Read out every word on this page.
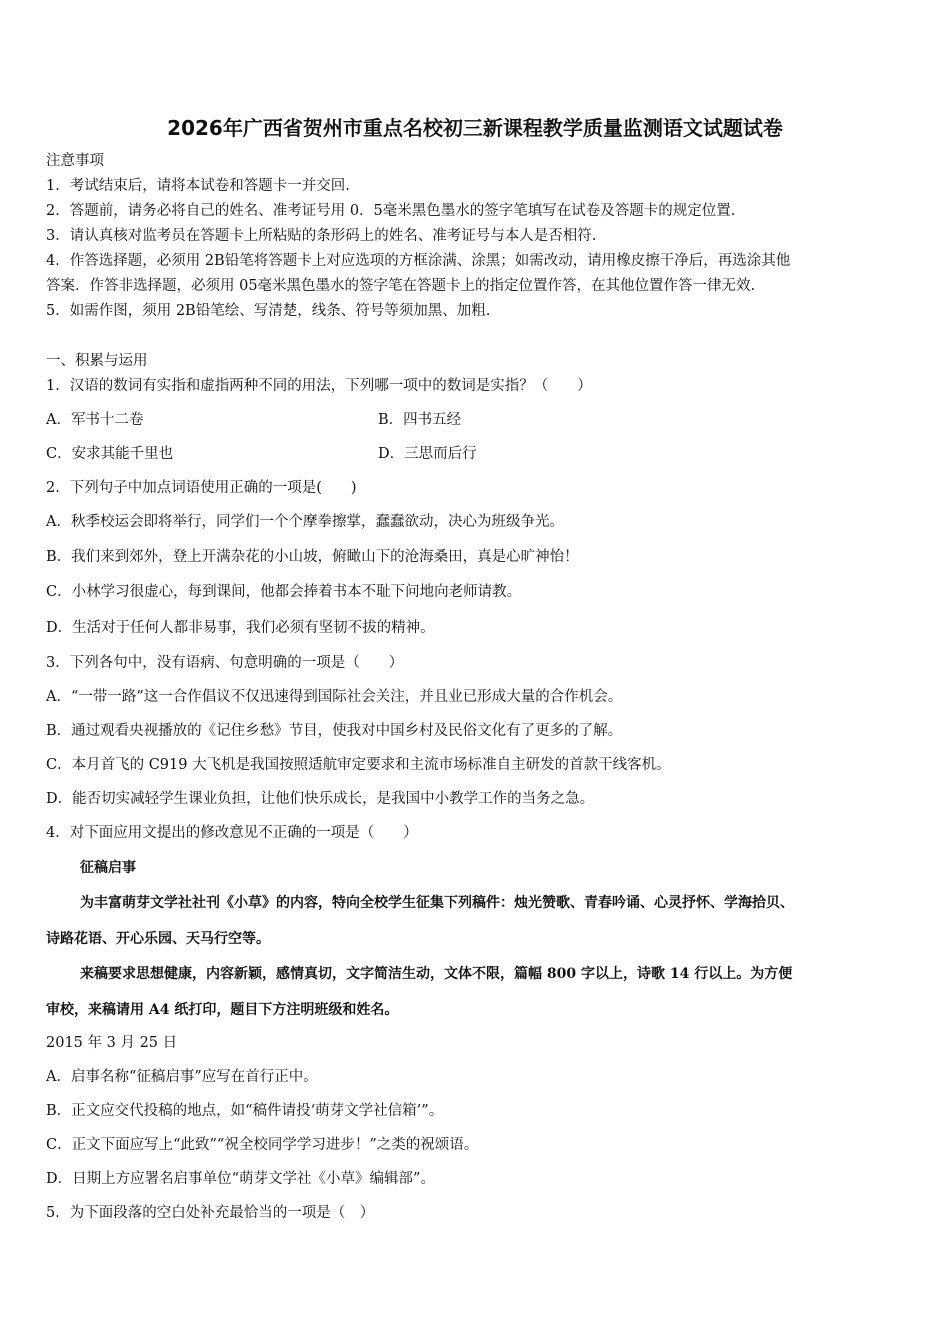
2026年广西省贺州市重点名校初三新课程教学质量监测语文试题试卷
注意事项
1．考试结束后，请将本试卷和答题卡一并交回.
2．答题前，请务必将自己的姓名、准考证号用 0．5毫米黑色墨水的签字笔填写在试卷及答题卡的规定位置.
3．请认真核对监考员在答题卡上所粘贴的条形码上的姓名、准考证号与本人是否相符.
4．作答选择题，必须用 2B铅笔将答题卡上对应选项的方框涂满、涂黑；如需改动，请用橡皮擦干净后，再选涂其他
答案．作答非选择题，必须用 05毫米黑色墨水的签字笔在答题卡上的指定位置作答，在其他位置作答一律无效.
5．如需作图，须用 2B铅笔绘、写清楚，线条、符号等须加黑、加粗.
一、积累与运用
1．汉语的数词有实指和虚指两种不同的用法，下列哪一项中的数词是实指？（　　）
A．军书十二卷	B．四书五经
C．安求其能千里也	D．三思而后行
2．下列句子中加点词语使用正确的一项是(　　)
A．秋季校运会即将举行，同学们一个个摩拳擦掌，蠢蠢欲动，决心为班级争光。
B．我们来到郊外，登上开满杂花的小山坡，俯瞰山下的沧海桑田，真是心旷神怡！
C．小林学习很虚心，每到课间，他都会捧着书本不耻下问地向老师请教。
D．生活对于任何人都非易事，我们必须有坚韧不拔的精神。
3．下列各句中，没有语病、句意明确的一项是（　　）
A．“一带一路”这一合作倡议不仅迅速得到国际社会关注，并且业已形成大量的合作机会。
B．通过观看央视播放的《记住乡愁》节目，使我对中国乡村及民俗文化有了更多的了解。
C．本月首飞的 C919 大飞机是我国按照适航审定要求和主流市场标准自主研发的首款干线客机。
D．能否切实减轻学生课业负担，让他们快乐成长，是我国中小教学工作的当务之急。
4．对下面应用文提出的修改意见不正确的一项是（　　）
征稿启事
为丰富萌芽文学社社刊《小草》的内容，特向全校学生征集下列稿件：烛光赞歌、青春吟诵、心灵抒怀、学海拾贝、
诗路花语、开心乐园、天马行空等。
来稿要求思想健康，内容新颖，感情真切，文字简洁生动，文体不限，篇幅 800 字以上，诗歌 14 行以上。为方便
审校，来稿请用 A4 纸打印，题目下方注明班级和姓名。
2015 年 3 月 25 日
A．启事名称“征稿启事”应写在首行正中。
B．正文应交代投稿的地点，如“稿件请投‘萌芽文学社信箱’”。
C．正文下面应写上“此致”“祝全校同学学习进步！”之类的祝颂语。
D．日期上方应署名启事单位“萌芽文学社《小草》编辑部”。
5．为下面段落的空白处补充最恰当的一项是（　）
